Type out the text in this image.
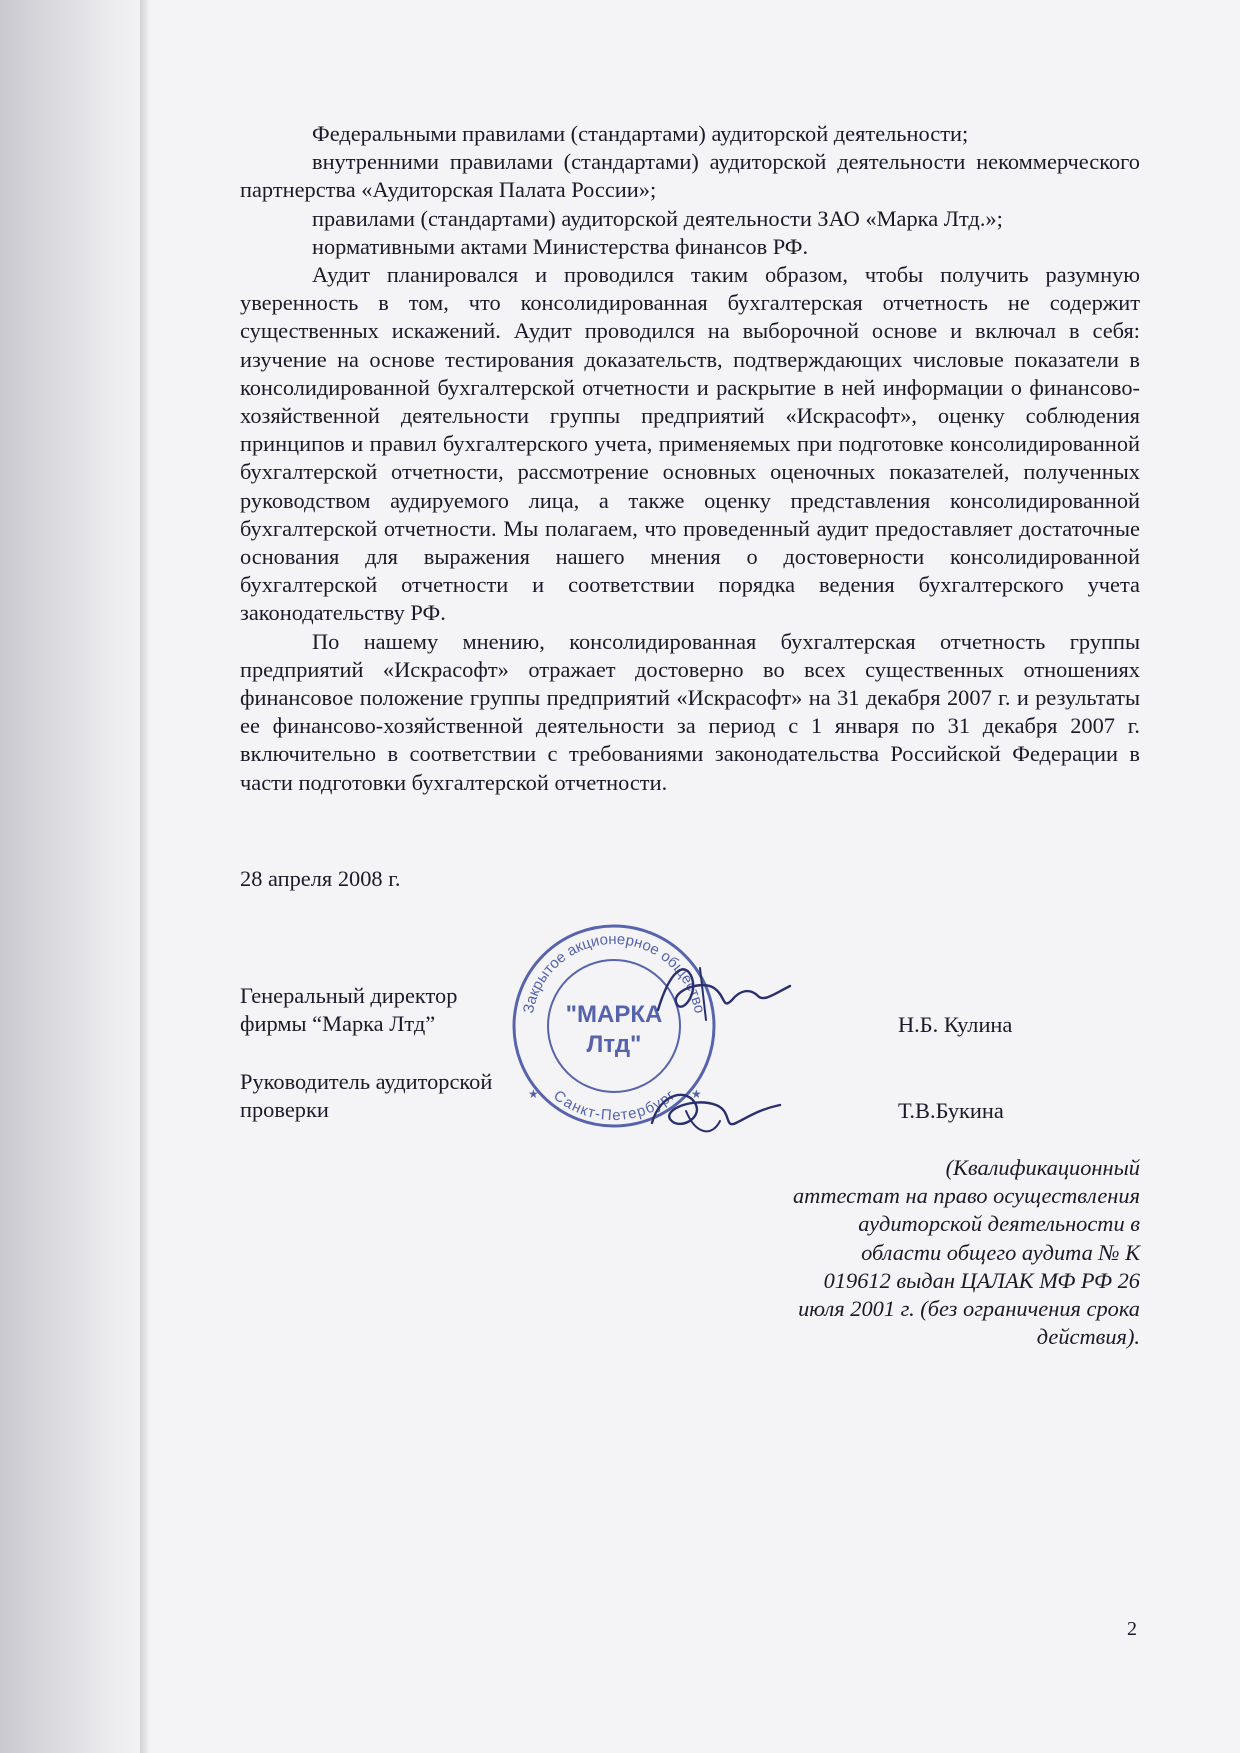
Федеральными правилами (стандартами) аудиторской деятельности;

внутренними правилами (стандартами) аудиторской деятельности некоммерческого партнерства «Аудиторская Палата России»;

правилами (стандартами) аудиторской деятельности ЗАО «Марка Лтд.»;

нормативными актами Министерства финансов РФ.

Аудит планировался и проводился таким образом, чтобы получить разумную уверенность в том, что консолидированная бухгалтерская отчетность не содержит существенных искажений. Аудит проводился на выборочной основе и включал в себя: изучение на основе тестирования доказательств, подтверждающих числовые показатели в консолидированной бухгалтерской отчетности и раскрытие в ней информации о финансово-хозяйственной деятельности группы предприятий «Искрасофт», оценку соблюдения принципов и правил бухгалтерского учета, применяемых при подготовке консолидированной бухгалтерской отчетности, рассмотрение основных оценочных показателей, полученных руководством аудируемого лица, а также оценку представления консолидированной бухгалтерской отчетности. Мы полагаем, что проведенный аудит предоставляет достаточные основания для выражения нашего мнения о достоверности консолидированной бухгалтерской отчетности и соответствии порядка ведения бухгалтерского учета законодательству РФ.

По нашему мнению, консолидированная бухгалтерская отчетность группы предприятий «Искрасофт» отражает достоверно во всех существенных отношениях финансовое положение группы предприятий «Искрасофт» на 31 декабря 2007 г. и результаты ее финансово-хозяйственной деятельности за период с 1 января по 31 декабря 2007 г. включительно в соответствии с требованиями законодательства Российской Федерации в части подготовки бухгалтерской отчетности.

28 апреля 2008 г.
Генеральный директор
фирмы “Марка Лтд”	Н.Б. Кулина
Руководитель аудиторской
проверки	Т.В.Букина
(Квалификационный
аттестат на право осуществления
аудиторской деятельности в
области общего аудита № К
019612 выдан ЦАЛАК МФ РФ 26
июля 2001 г. (без ограничения срока
действия).
Закрытое акционерное общество
Санкт-Петербург
"МАРКА
Лтд"
★	★
2
